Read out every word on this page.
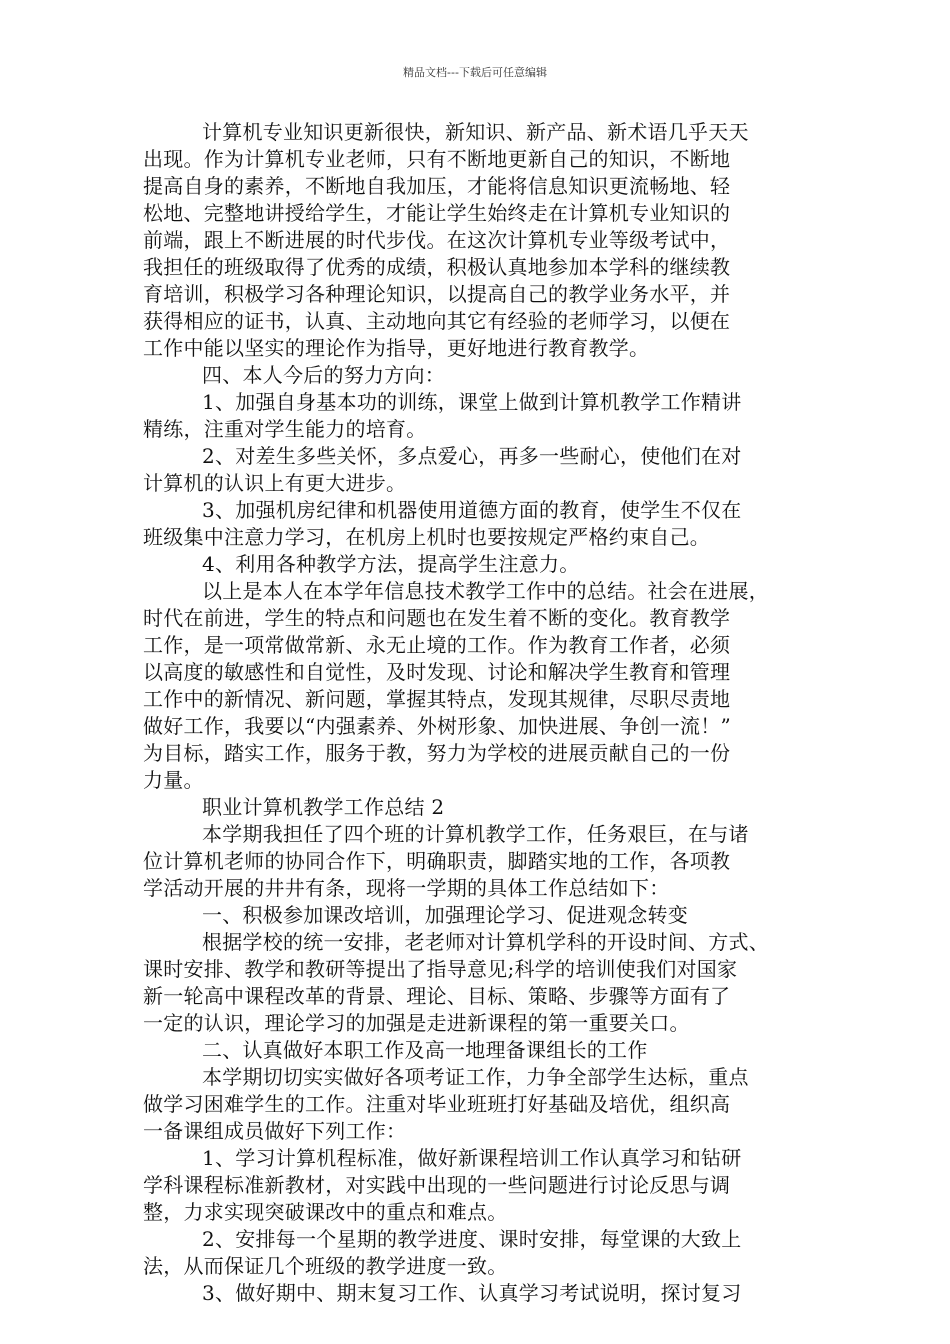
精品文档---下载后可任意编辑
计算机专业知识更新很快，新知识、新产品、新术语几乎天天
出现。作为计算机专业老师，只有不断地更新自己的知识，不断地
提高自身的素养，不断地自我加压，才能将信息知识更流畅地、轻
松地、完整地讲授给学生，才能让学生始终走在计算机专业知识的
前端，跟上不断进展的时代步伐。在这次计算机专业等级考试中，
我担任的班级取得了优秀的成绩，积极认真地参加本学科的继续教
育培训，积极学习各种理论知识，以提高自己的教学业务水平，并
获得相应的证书，认真、主动地向其它有经验的老师学习，以便在
工作中能以坚实的理论作为指导，更好地进行教育教学。
四、本人今后的努力方向：
1、加强自身基本功的训练，课堂上做到计算机教学工作精讲
精练，注重对学生能力的培育。
2、对差生多些关怀，多点爱心，再多一些耐心，使他们在对
计算机的认识上有更大进步。
3、加强机房纪律和机器使用道德方面的教育，使学生不仅在
班级集中注意力学习，在机房上机时也要按规定严格约束自己。
4、利用各种教学方法，提高学生注意力。
以上是本人在本学年信息技术教学工作中的总结。社会在进展，
时代在前进，学生的特点和问题也在发生着不断的变化。教育教学
工作，是一项常做常新、永无止境的工作。作为教育工作者，必须
以高度的敏感性和自觉性，及时发现、讨论和解决学生教育和管理
工作中的新情况、新问题，掌握其特点，发现其规律，尽职尽责地
做好工作，我要以“内强素养、外树形象、加快进展、争创一流！”
为目标，踏实工作，服务于教，努力为学校的进展贡献自己的一份
力量。
职业计算机教学工作总结 2
本学期我担任了四个班的计算机教学工作，任务艰巨，在与诸
位计算机老师的协同合作下，明确职责，脚踏实地的工作，各项教
学活动开展的井井有条，现将一学期的具体工作总结如下：
一、积极参加课改培训，加强理论学习、促进观念转变
根据学校的统一安排，老老师对计算机学科的开设时间、方式、
课时安排、教学和教研等提出了指导意见;科学的培训使我们对国家
新一轮高中课程改革的背景、理论、目标、策略、步骤等方面有了
一定的认识，理论学习的加强是走进新课程的第一重要关口。
二、认真做好本职工作及高一地理备课组长的工作
本学期切切实实做好各项考证工作，力争全部学生达标，重点
做学习困难学生的工作。注重对毕业班班打好基础及培优，组织高
一备课组成员做好下列工作：
1、学习计算机程标准，做好新课程培训工作认真学习和钻研
学科课程标准新教材，对实践中出现的一些问题进行讨论反思与调
整，力求实现突破课改中的重点和难点。
2、安排每一个星期的教学进度、课时安排，每堂课的大致上
法，从而保证几个班级的教学进度一致。
3、做好期中、期末复习工作、认真学习考试说明，探讨复习
